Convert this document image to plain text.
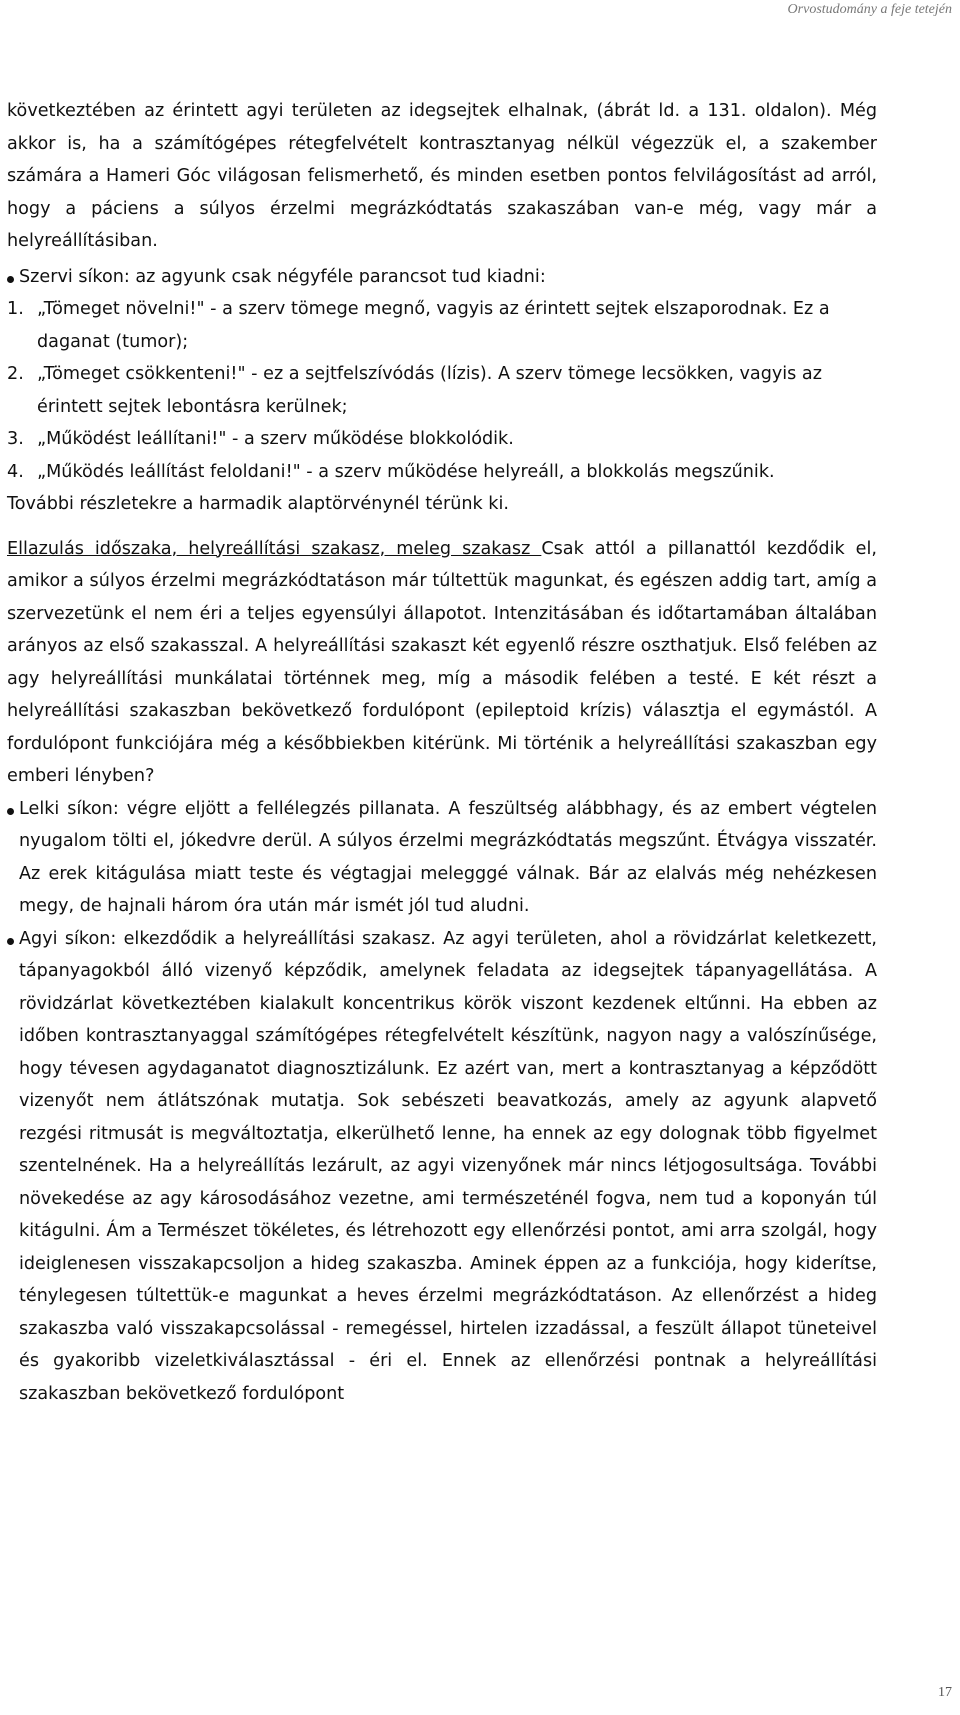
Orvostudomány a feje tetején

következtében az érintett agyi területen az idegsejtek elhalnak, (ábrát ld. a 131. oldalon). Még akkor is, ha a számítógépes rétegfelvételt kontrasztanyag nélkül végezzük el, a szakember számára a Hameri Góc világosan felismerhető, és minden esetben pontos felvilágosítást ad arról, hogy a páciens a súlyos érzelmi megrázkódtatás szakaszában van-e még, vagy már a helyreállításiban.

Szervi síkon: az agyunk csak négyféle parancsot tud kiadni:
1. „Tömeget növelni!" - a szerv tömege megnő, vagyis az érintett sejtek elszaporodnak. Ez a daganat (tumor);
2. „Tömeget csökkenteni!" - ez a sejtfelszívódás (lízis). A szerv tömege lecsökken, vagyis az érintett sejtek lebontásra kerülnek;
3. „Működést leállítani!" - a szerv működése blokkolódik.
4. „Működés leállítást feloldani!" - a szerv működése helyreáll, a blokkolás megszűnik.

További részletekre a harmadik alaptörvénynél térünk ki.

Ellazulás időszaka, helyreállítási szakasz, meleg szakasz Csak attól a pillanattól kezdődik el, amikor a súlyos érzelmi megrázkódtatáson már túltettük magunkat, és egészen addig tart, amíg a szervezetünk el nem éri a teljes egyensúlyi állapotot. Intenzitásában és időtartamában általában arányos az első szakasszal. A helyreállítási szakaszt két egyenlő részre oszthatjuk. Első felében az agy helyreállítási munkálatai történnek meg, míg a második felében a testé. E két részt a helyreállítási szakaszban bekövetkező fordulópont (epileptoid krízis) választja el egymástól. A fordulópont funkciójára még a későbbiekben kitérünk. Mi történik a helyreállítási szakaszban egy emberi lényben?

Lelki síkon: végre eljött a fellélegzés pillanata. A feszültség alábbhagy, és az embert végtelen nyugalom tölti el, jókedvre derül. A súlyos érzelmi megrázkódtatás megszűnt. Étvágya visszatér. Az erek kitágulása miatt teste és végtagjai melegggé válnak. Bár az elalvás még nehézkesen megy, de hajnali három óra után már ismét jól tud aludni.
Agyi síkon: elkezdődik a helyreállítási szakasz. Az agyi területen, ahol a rövidzárlat keletkezett, tápanyagokból álló vizenyő képződik, amelynek feladata az idegsejtek tápanyagellátása. A rövidzárlat következtében kialakult koncentrikus körök viszont kezdenek eltűnni. Ha ebben az időben kontrasztanyaggal számítógépes rétegfelvételt készítünk, nagyon nagy a valószínűsége, hogy tévesen agydaganatot diagnosztizálunk. Ez azért van, mert a kontrasztanyag a képződött vizenyőt nem átlátszónak mutatja. Sok sebészeti beavatkozás, amely az agyunk alapvető rezgési ritmusát is megváltoztatja, elkerülhető lenne, ha ennek az egy dolognak több figyelmet szentelnének. Ha a helyreállítás lezárult, az agyi vizenyőnek már nincs létjogosultsága. További növekedése az agy károsodásához vezetne, ami természeténél fogva, nem tud a koponyán túl kitágulni. Ám a Természet tökéletes, és létrehozott egy ellenőrzési pontot, ami arra szolgál, hogy ideiglenesen visszakapcsoljon a hideg szakaszba. Aminek éppen az a funkciója, hogy kiderítse, ténylegesen túltettük-e magunkat a heves érzelmi megrázkódtatáson. Az ellenőrzést a hideg szakaszba való visszakapcsolással - remegéssel, hirtelen izzadással, a feszült állapot tüneteivel és gyakoribb vizeletkiválasztással - éri el. Ennek az ellenőrzési pontnak a helyreállítási szakaszban bekövetkező fordulópont
17
